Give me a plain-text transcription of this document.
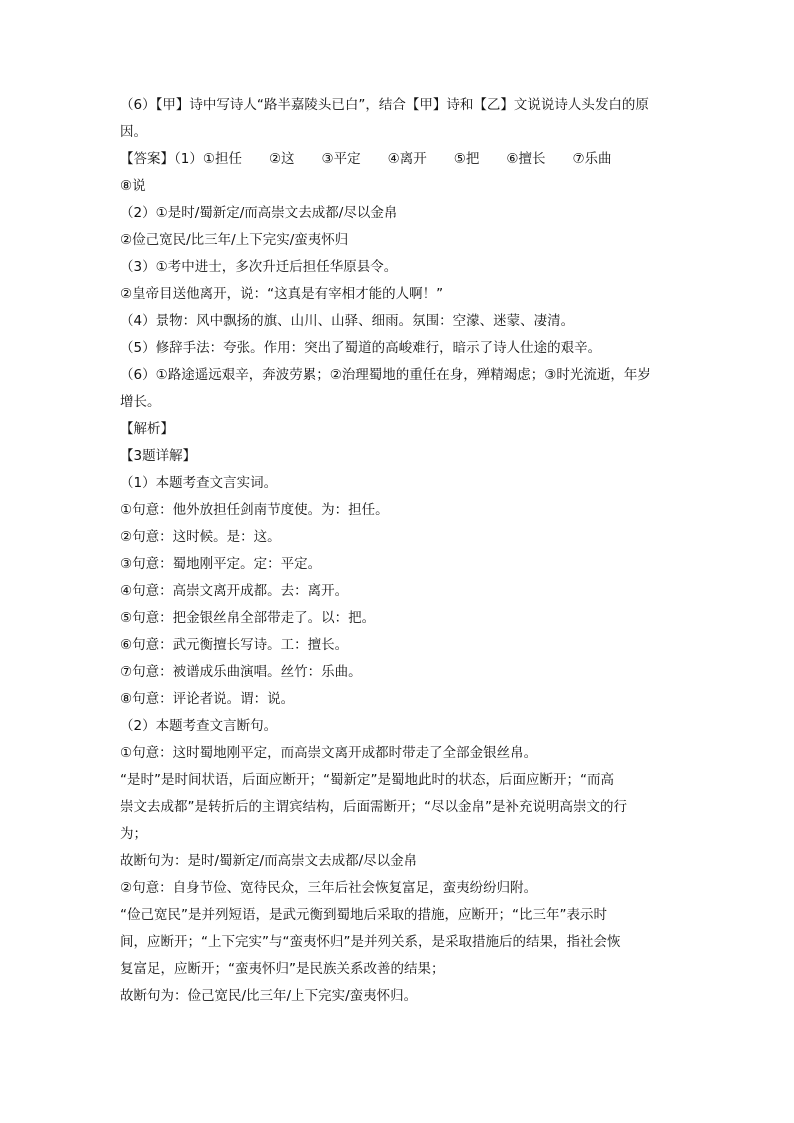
（6）【甲】诗中写诗人“路半嘉陵头已白”，结合【甲】诗和【乙】文说说诗人头发白的原
因。
【答案】（1）①担任　　②这　　③平定　　④离开　　⑤把　　⑥擅长　　⑦乐曲
⑧说
（2）①是时/蜀新定/而高崇文去成都/尽以金帛
②俭己宽民/比三年/上下完实/蛮夷怀归
（3）①考中进士，多次升迁后担任华原县令。
②皇帝目送他离开，说：“这真是有宰相才能的人啊！”
（4）景物：风中飘扬的旗、山川、山驿、细雨。氛围：空濛、迷蒙、凄清。
（5）修辞手法：夸张。作用：突出了蜀道的高峻难行，暗示了诗人仕途的艰辛。
（6）①路途遥远艰辛，奔波劳累；②治理蜀地的重任在身，殚精竭虑；③时光流逝，年岁
增长。
【解析】
【3题详解】
（1）本题考查文言实词。
①句意：他外放担任剑南节度使。为：担任。
②句意：这时候。是：这。
③句意：蜀地刚平定。定：平定。
④句意：高崇文离开成都。去：离开。
⑤句意：把金银丝帛全部带走了。以：把。
⑥句意：武元衡擅长写诗。工：擅长。
⑦句意：被谱成乐曲演唱。丝竹：乐曲。
⑧句意：评论者说。谓：说。
（2）本题考查文言断句。
①句意：这时蜀地刚平定，而高崇文离开成都时带走了全部金银丝帛。
“是时”是时间状语，后面应断开；“蜀新定”是蜀地此时的状态，后面应断开；“而高
崇文去成都”是转折后的主谓宾结构，后面需断开；“尽以金帛”是补充说明高崇文的行
为；
故断句为：是时/蜀新定/而高崇文去成都/尽以金帛
②句意：自身节俭、宽待民众，三年后社会恢复富足，蛮夷纷纷归附。
“俭己宽民”是并列短语，是武元衡到蜀地后采取的措施，应断开；“比三年”表示时
间，应断开；“上下完实”与“蛮夷怀归”是并列关系，是采取措施后的结果，指社会恢
复富足，应断开；“蛮夷怀归”是民族关系改善的结果；
故断句为：俭己宽民/比三年/上下完实/蛮夷怀归。
